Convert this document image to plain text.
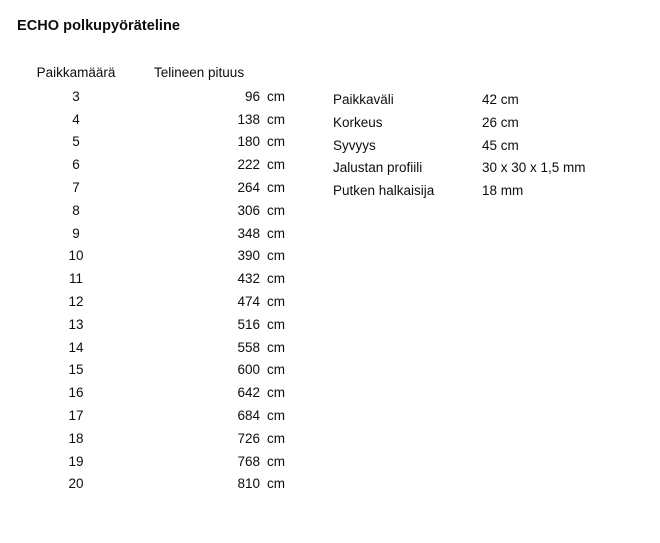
ECHO polkupyöräteline
Paikkamäärä	Telineen pituus	
3	96	cm
4	138	cm
5	180	cm
6	222	cm
7	264	cm
8	306	cm
9	348	cm
10	390	cm
11	432	cm
12	474	cm
13	516	cm
14	558	cm
15	600	cm
16	642	cm
17	684	cm
18	726	cm
19	768	cm
20	810	cm
Paikkaväli	42 cm
Korkeus	26 cm
Syvyys	45 cm
Jalustan profiili	30 x 30 x 1,5 mm
Putken halkaisija	18 mm
